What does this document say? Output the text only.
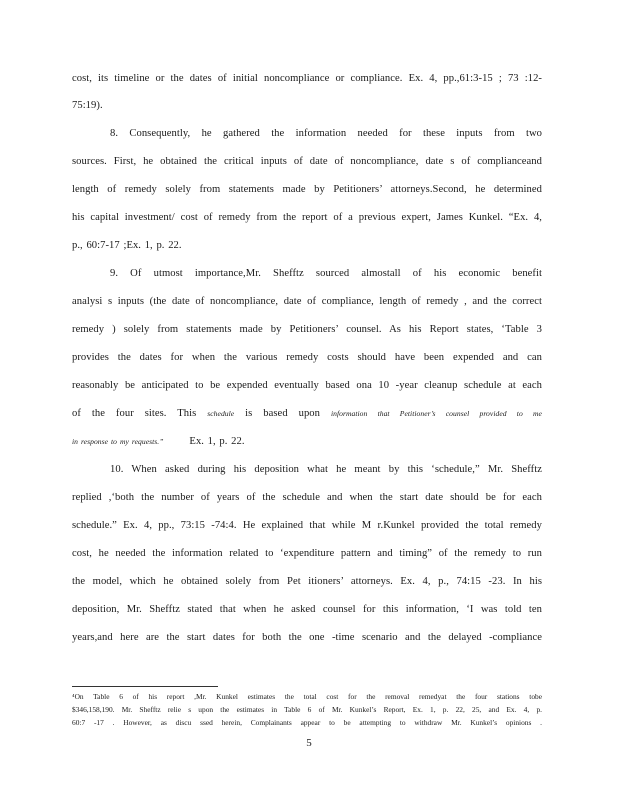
cost, its timeline or the dates of initial noncompliance or compliance. Ex. 4, pp.,61:3-15 ; 73 :12-
75:19).
8. Consequently, he gathered the information needed for these inputs from two
sources. First, he obtained the critical inputs of date of noncompliance, date s of complianceand
length of remedy solely from statements made by Petitioners’ attorneys.Second, he determined
his capital investment/ cost of remedy from the report of a previous expert, James Kunkel. “Ex. 4,
p., 60:7-17 ;Ex. 1, p. 22.
9. Of utmost importance,Mr. Shefftz sourced almostall of his economic benefit
analysi s inputs (the date of noncompliance, date of compliance, length of remedy , and the correct
remedy ) solely from statements made by Petitioners’ counsel. As his Report states, ‘Table 3
provides the dates for when the various remedy costs should have been expended and can
reasonably be anticipated to be expended eventually based ona 10 -year cleanup schedule at each
of the four sites. This schedule is based upon information that Petitioner’s counsel provided to me
in response to my requests.” Ex. 1, p. 22.
10. When asked during his deposition what he meant by this ‘schedule,” Mr. Shefftz
replied ,‘both the number of years of the schedule and when the start date should be for each
schedule.” Ex. 4, pp., 73:15 -74:4. He explained that while M r.Kunkel provided the total remedy
cost, he needed the information related to ‘expenditure pattern and timing” of the remedy to run
the model, which he obtained solely from Pet itioners’ attorneys. Ex. 4, p., 74:15 -23. In his
deposition, Mr. Shefftz stated that when he asked counsel for this information, ‘I was told ten
years,and here are the start dates for both the one -time scenario and the delayed -compliance
⁴On Table 6 of his report ,Mr. Kunkel estimates the total cost for the removal remedyat the four stations tobe
$346,158,190. Mr. Shefftz relie s upon the estimates in Table 6 of Mr. Kunkel’s Report, Ex. 1, p. 22, 25, and Ex. 4, p.
60:7 -17 . However, as discu ssed herein, Complainants appear to be attempting to withdraw Mr. Kunkel’s opinions .
5
